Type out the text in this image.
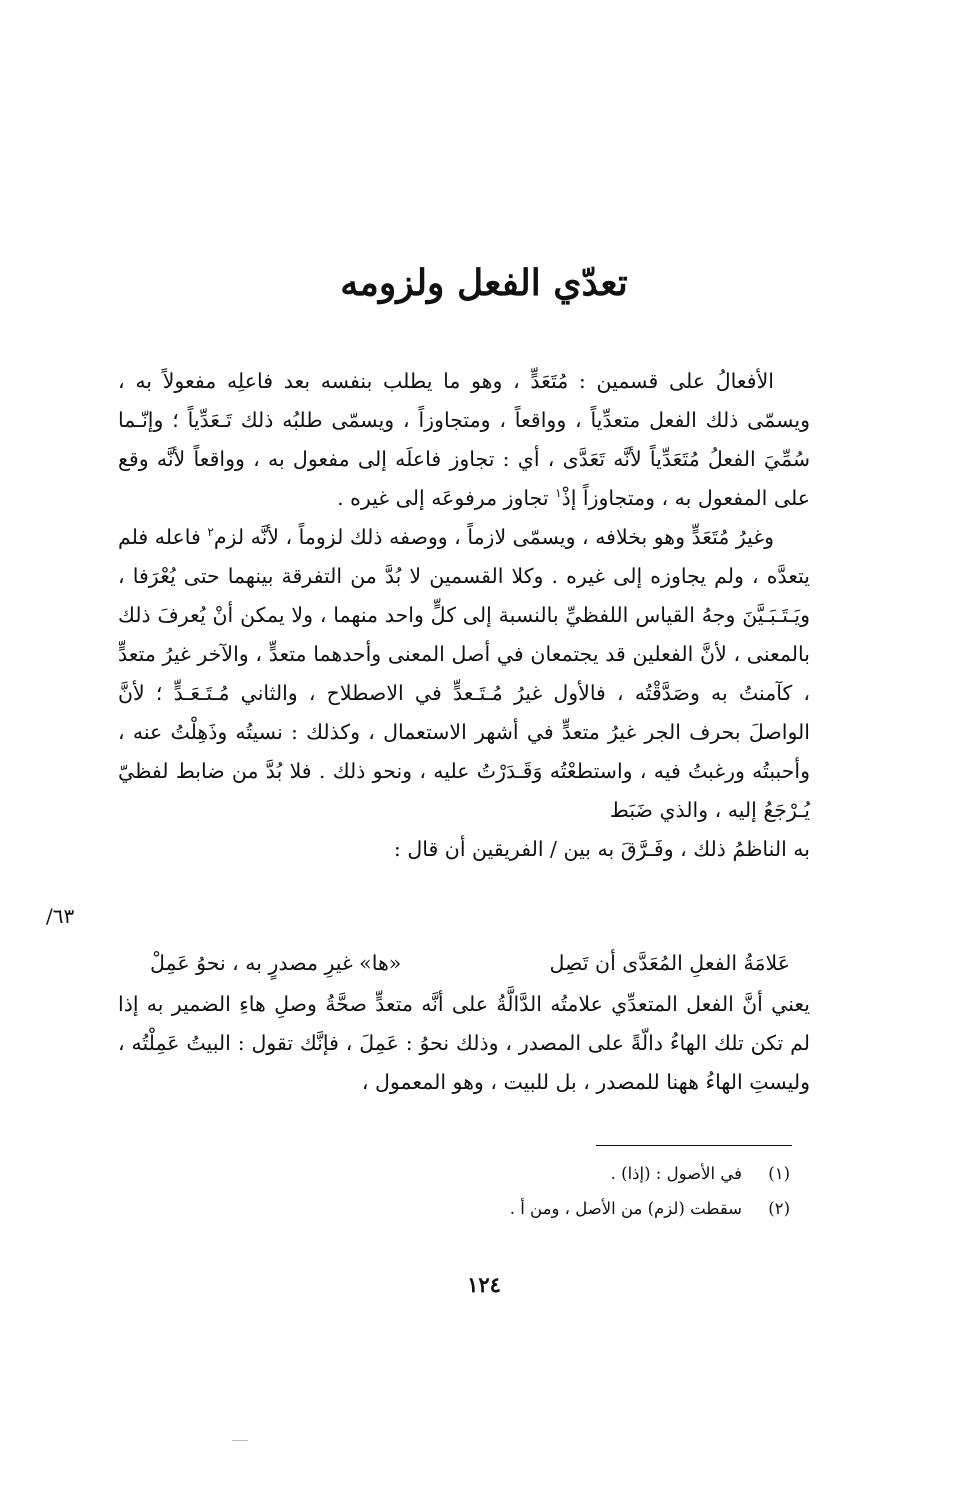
تعدّي الفعل ولزومه

الأفعالُ على قسمين : مُتَعَدٍّ ، وهو ما يطلب بنفسه بعد فاعلِه مفعولاً به ، ويسمّى ذلك الفعل متعدِّياً ، وواقعاً ، ومتجاوزاً ، ويسمّى طلبُه ذلك تَـعَدِّياً ؛ وإنّـما سُمِّيَ الفعلُ مُتَعَدِّياً لأنَّه تَعَدَّى ، أي : تجاوز فاعلَه إلى مفعول به ، وواقعاً لأنَّه وقع على المفعول به ، ومتجاوزاً إذْ$^١$ تجاوز مرفوعَه إلى غيره .

وغيرُ مُتَعَدٍّ وهو بخلافه ، ويسمّى لازماً ، ووصفه ذلك لزوماً ، لأنَّه لزم$^٢$ فاعله فلم يتعدَّه ، ولم يجاوزه إلى غيره . وكلا القسمين لا بُدَّ من التفرقة بينهما حتى يُعْرَفا ، ويَـتَـبَـيَّنَ وجهُ القياس اللفظيِّ بالنسبة إلى كلٍّ واحد منهما ، ولا يمكن أنْ يُعرفَ ذلك بالمعنى ، لأنَّ الفعلين قد يجتمعان في أصل المعنى وأحدهما متعدٍّ ، والآخر غيرُ متعدٍّ ، كآمنتُ به وصَدَّقْتُه ، فالأول غيرُ مُـتَـعدٍّ في الاصطلاح ، والثاني مُـتَـعَـدٍّ ؛ لأنَّ الواصلَ بحرف الجر غيرُ متعدٍّ في أشهر الاستعمال ، وكذلك : نسيتُه وذَهِلْتُ عنه ، وأحببتُه ورغبتُ فيه ، واستطعْتُه وَقَـدَرْتُ عليه ، ونحو ذلك . فلا بُدَّ من ضابط لفظيّ يُـرْجَعُ إليه ، والذي ضَبَط

به الناظمُ ذلك ، وفَـرَّقَ به بين / الفريقين أن قال :

/٦٣
عَلامَةُ الفعلِ المُعَدَّى أن تَصِل
«ها» غيرِ مصدرٍ به ، نحوُ عَمِلْ

يعني أنَّ الفعل المتعدِّي علامتُه الدَّالَّةُ على أنَّه متعدٍّ صحَّةُ وصلِ هاءِ الضمير به إذا لم تكن تلك الهاءُ دالّةً على المصدر ، وذلك نحوُ : عَمِلَ ، فإنَّك تقول : البيتُ عَمِلْتُه ، وليستِ الهاءُ ههنا للمصدر ، بل للبيت ، وهو المعمول ،

(١)
في الأصول : (إذا) .
(٢)
سقطت (لزم) من الأصل ، ومن أ .
١٢٤
